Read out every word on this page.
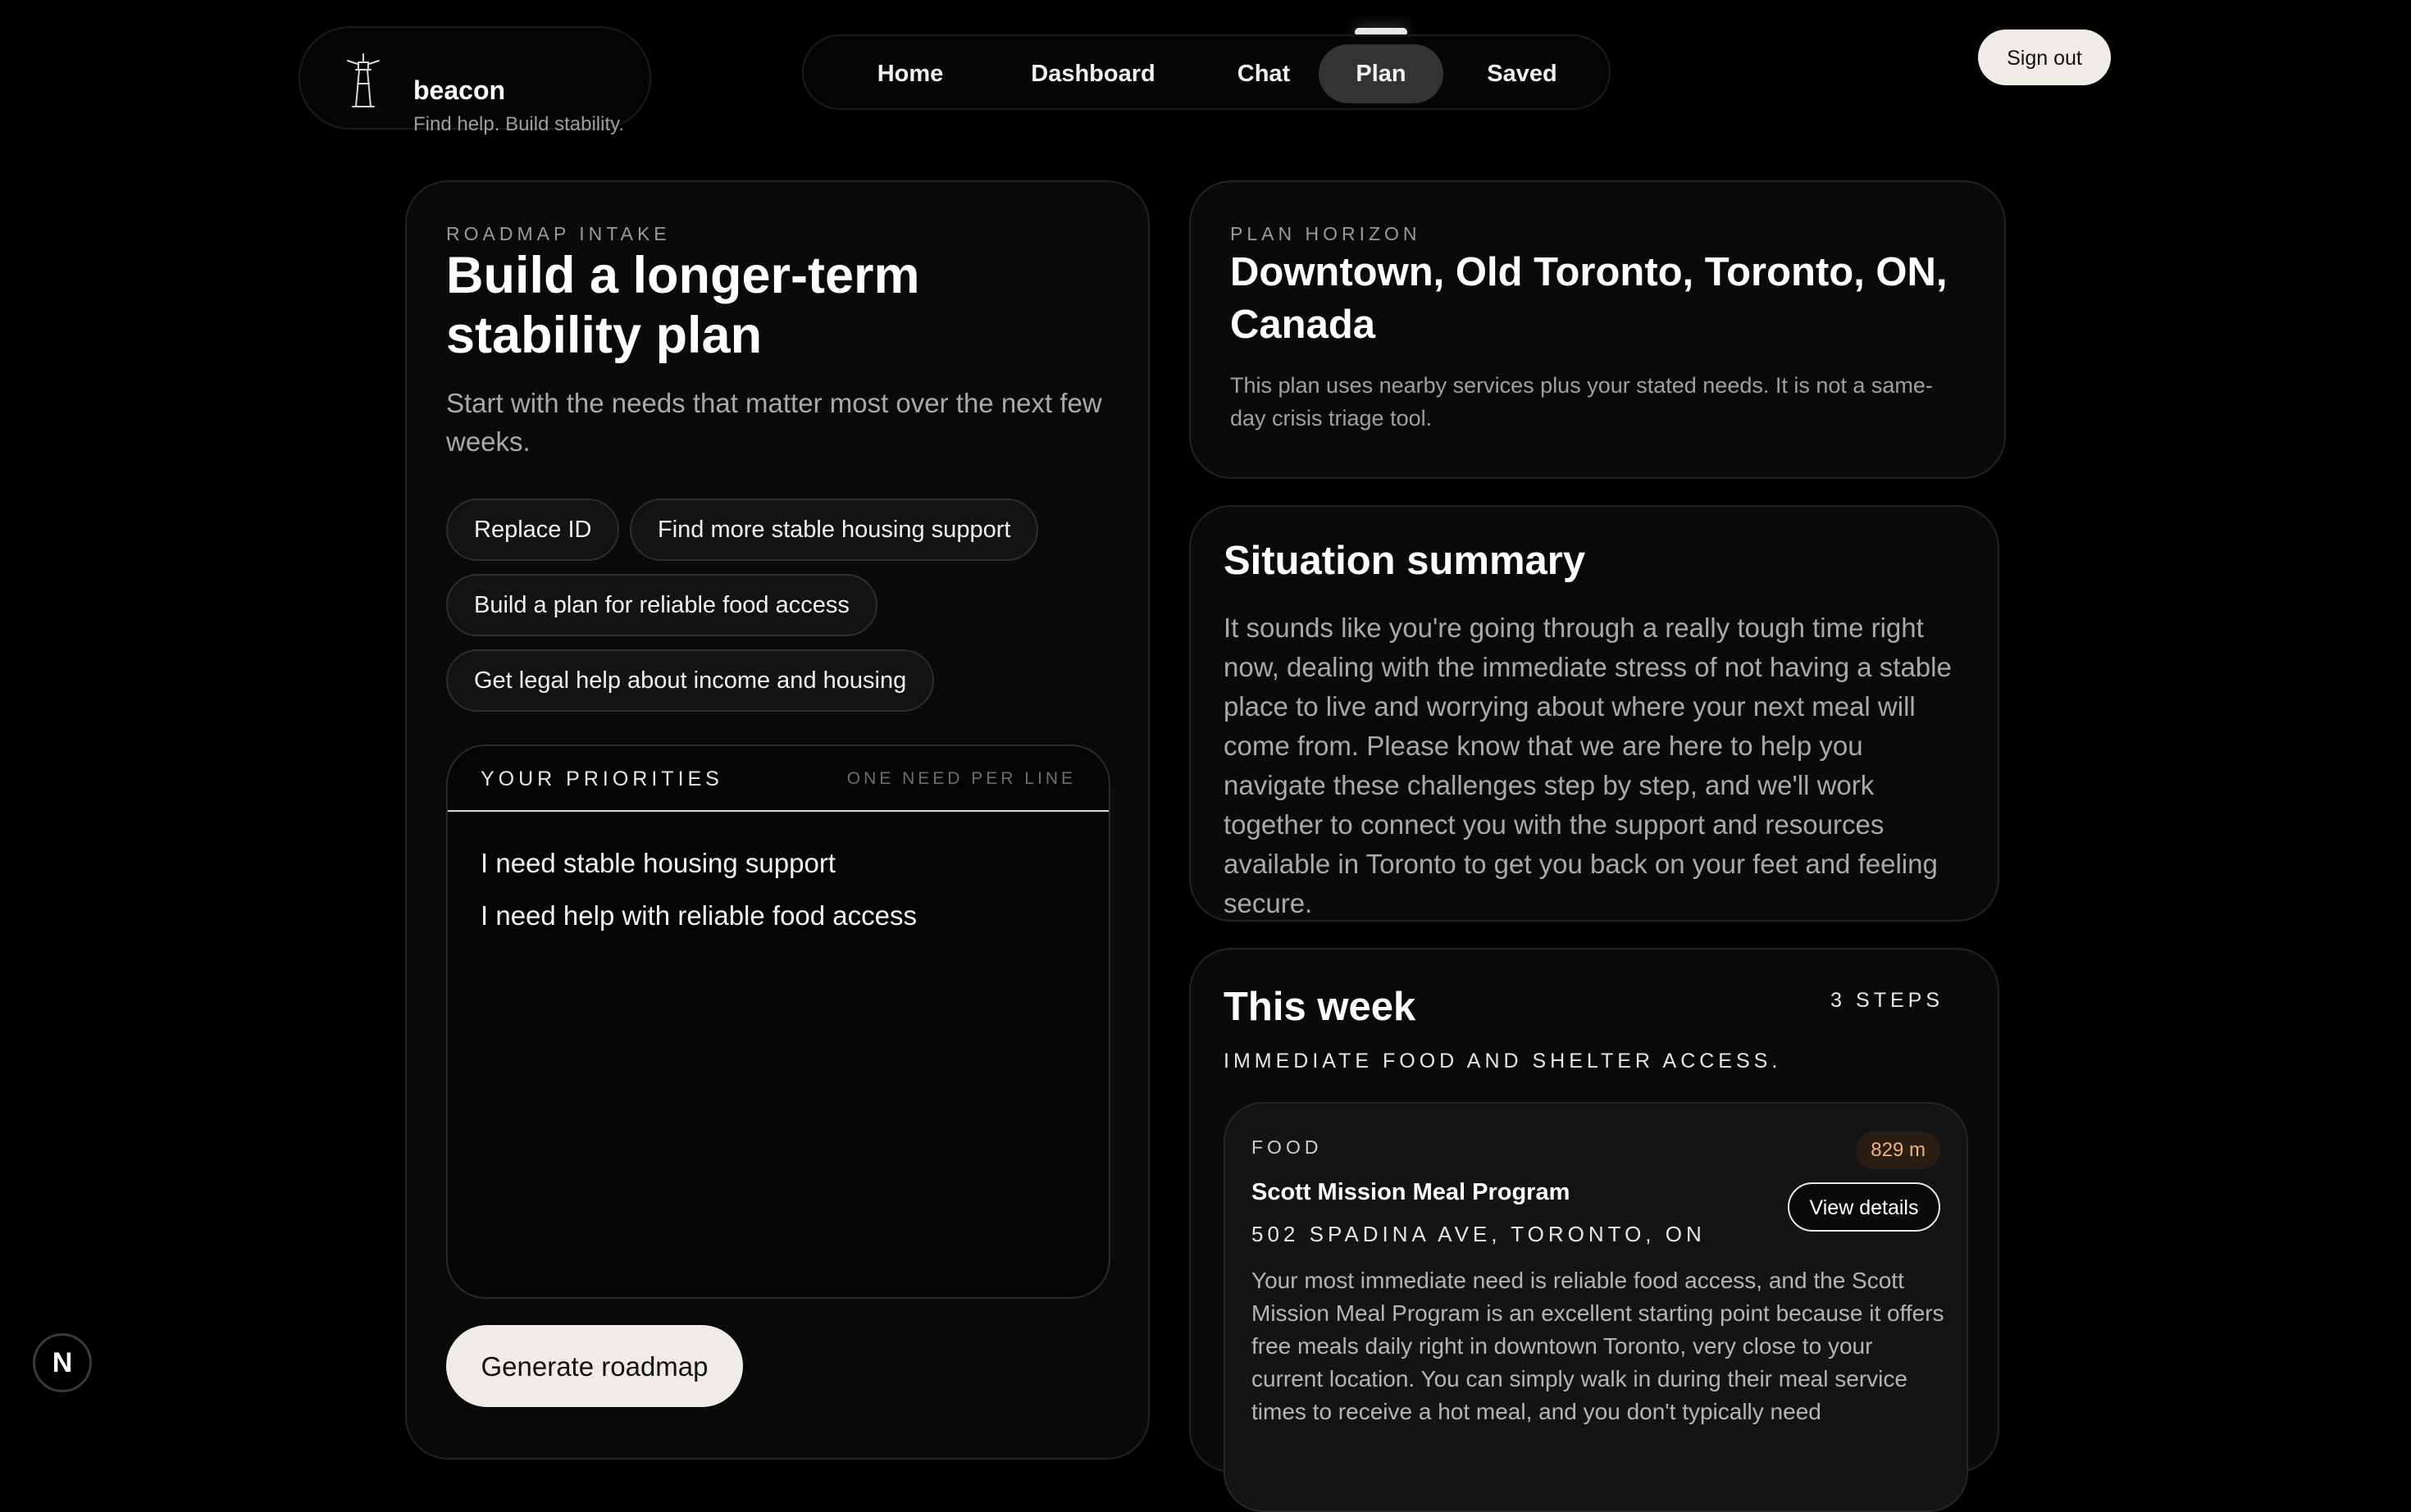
beacon
Find help. Build stability.
Home	Dashboard	Chat	Plan	Saved
Sign out
ROADMAP INTAKE
Build a longer-term stability plan

Start with the needs that matter most over the next few weeks.

Replace ID	Find more stable housing support
Build a plan for reliable food access
Get legal help about income and housing
YOUR PRIORITIES	ONE NEED PER LINE
I need stable housing support
I need help with reliable food access
Generate roadmap
PLAN HORIZON
Downtown, Old Toronto, Toronto, ON, Canada

This plan uses nearby services plus your stated needs. It is not a same-day crisis triage tool.

Situation summary

It sounds like you're going through a really tough time right now, dealing with the immediate stress of not having a stable place to live and worrying about where your next meal will come from. Please know that we are here to help you navigate these challenges step by step, and we'll work together to connect you with the support and resources available in Toronto to get you back on your feet and feeling secure.

This week	3 STEPS
IMMEDIATE FOOD AND SHELTER ACCESS.
FOOD	829 m
Scott Mission Meal Program
View details
502 SPADINA AVE, TORONTO, ON

Your most immediate need is reliable food access, and the Scott Mission Meal Program is an excellent starting point because it offers free meals daily right in downtown Toronto, very close to your current location. You can simply walk in during their meal service times to receive a hot meal, and you don't typically need

N
